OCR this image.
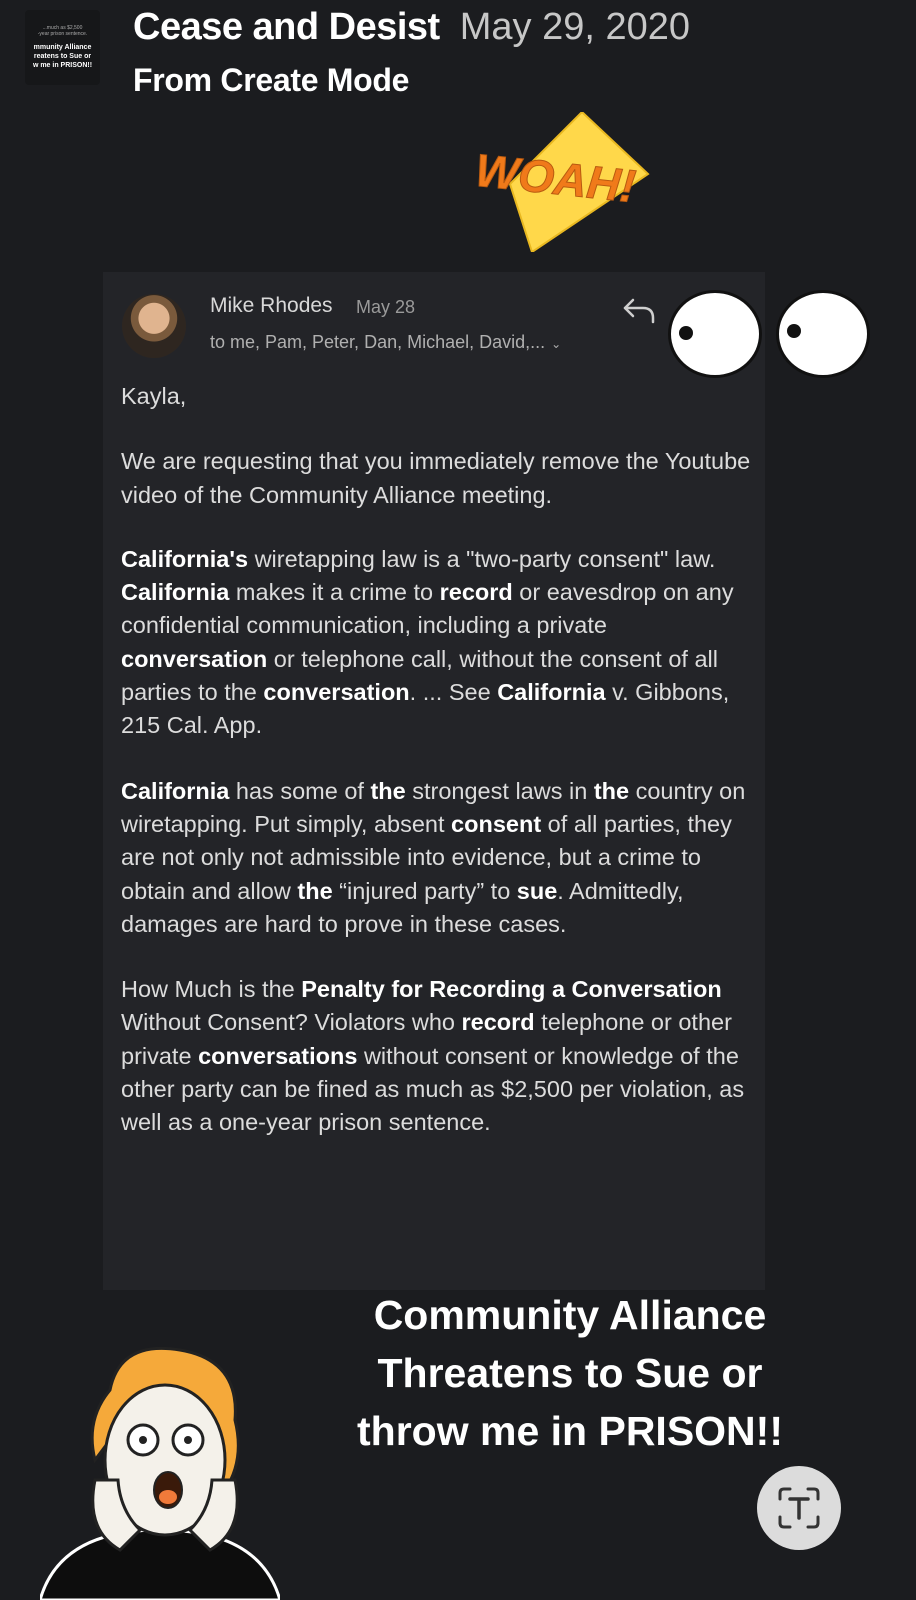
...much as $2,500
-year prison sentence.
mmunity Alliance
reatens to Sue or
w me in PRISON!!
Cease and Desist May 29, 2020
From Create Mode
WOAH!
Mike Rhodes May 28
to me, Pam, Peter, Dan, Michael, David,... ⌄

Kayla,

We are requesting that you immediately remove the Youtube video of the Community Alliance meeting.

California's wiretapping law is a "two-party consent" law. California makes it a crime to record or eavesdrop on any confidential communication, including a private conversation or telephone call, without the consent of all parties to the conversation. ... See California v. Gibbons, 215 Cal. App.

California has some of the strongest laws in the country on wiretapping. Put simply, absent consent of all parties, they are not only not admissible into evidence, but a crime to obtain and allow the “injured party” to sue. Admittedly, damages are hard to prove in these cases.

How Much is the Penalty for Recording a Conversation Without Consent? Violators who record telephone or other private conversations without consent or knowledge of the other party can be fined as much as $2,500 per violation, as well as a one-year prison sentence.

Community Alliance
Threatens to Sue or
throw me in PRISON!!
